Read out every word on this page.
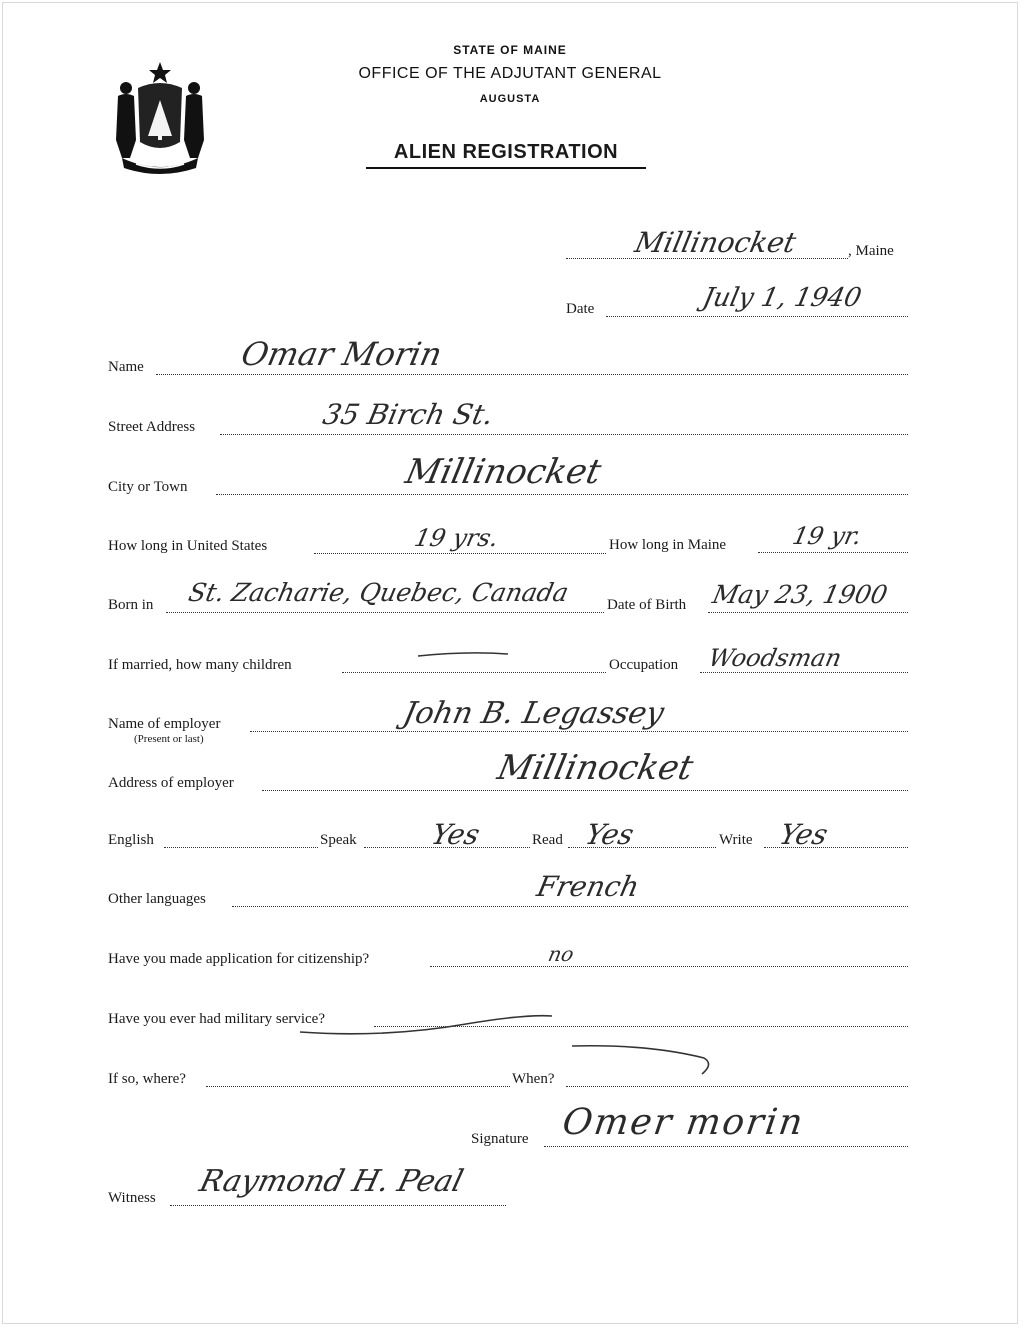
STATE OF MAINE
OFFICE OF THE ADJUTANT GENERAL
AUGUSTA
ALIEN REGISTRATION
Millinocket	, Maine
Date	July 1, 1940
Name	Omar Morin
Street Address	35 Birch St.
City or Town	Millinocket
How long in United States	19 yrs.	How long in Maine	19 yr.
Born in St. Zacharie, Quebec, Canada Date of Birth May 23, 1900
If married, how many children	Occupation Woodsman
Name of employer
(Present or last)
John B. Legassey
Address of employer	Millinocket
English	Speak	Yes	Read Yes	Write Yes
Other languages	French
Have you made application for citizenship?	no
Have you ever had military service?
If so, where?	When?
Signature Omer morin
Witness Raymond H. Peal
